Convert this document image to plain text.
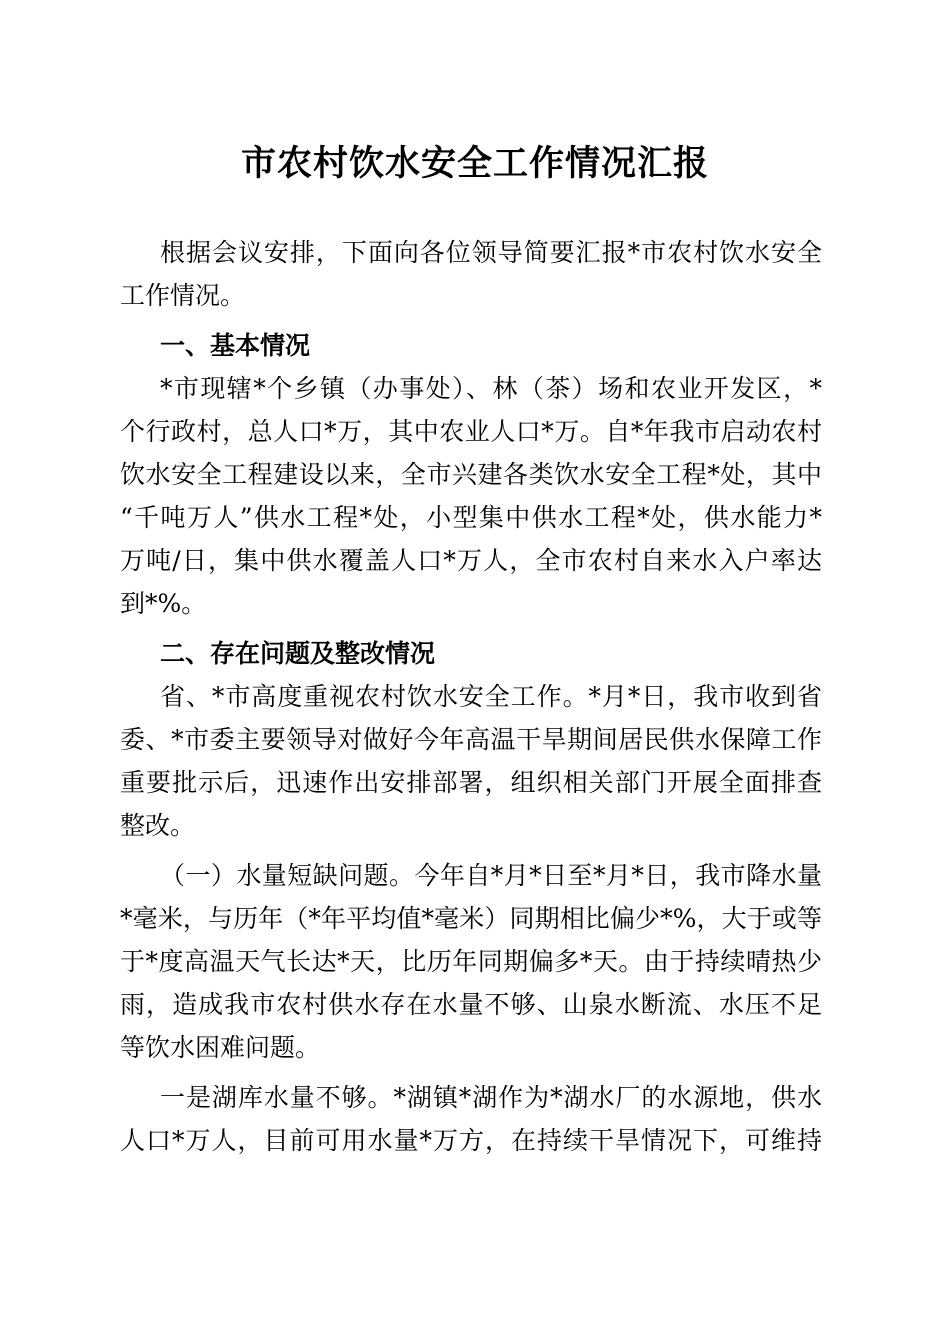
市农村饮水安全工作情况汇报
根据会议安排，下面向各位领导简要汇报*市农村饮水安全
工作情况。
一、基本情况
*市现辖*个乡镇（办事处）、林（茶）场和农业开发区，*
个行政村，总人口*万，其中农业人口*万。自*年我市启动农村
饮水安全工程建设以来，全市兴建各类饮水安全工程*处，其中
“千吨万人”供水工程*处，小型集中供水工程*处，供水能力*
万吨/日，集中供水覆盖人口*万人，全市农村自来水入户率达
到*%。
二、存在问题及整改情况
省、*市高度重视农村饮水安全工作。*月*日，我市收到省
委、*市委主要领导对做好今年高温干旱期间居民供水保障工作
重要批示后，迅速作出安排部署，组织相关部门开展全面排查
整改。
（一）水量短缺问题。今年自*月*日至*月*日，我市降水量
*毫米，与历年（*年平均值*毫米）同期相比偏少*%，大于或等
于*度高温天气长达*天，比历年同期偏多*天。由于持续晴热少
雨，造成我市农村供水存在水量不够、山泉水断流、水压不足
等饮水困难问题。
一是湖库水量不够。*湖镇*湖作为*湖水厂的水源地，供水
人口*万人，目前可用水量*万方，在持续干旱情况下，可维持
